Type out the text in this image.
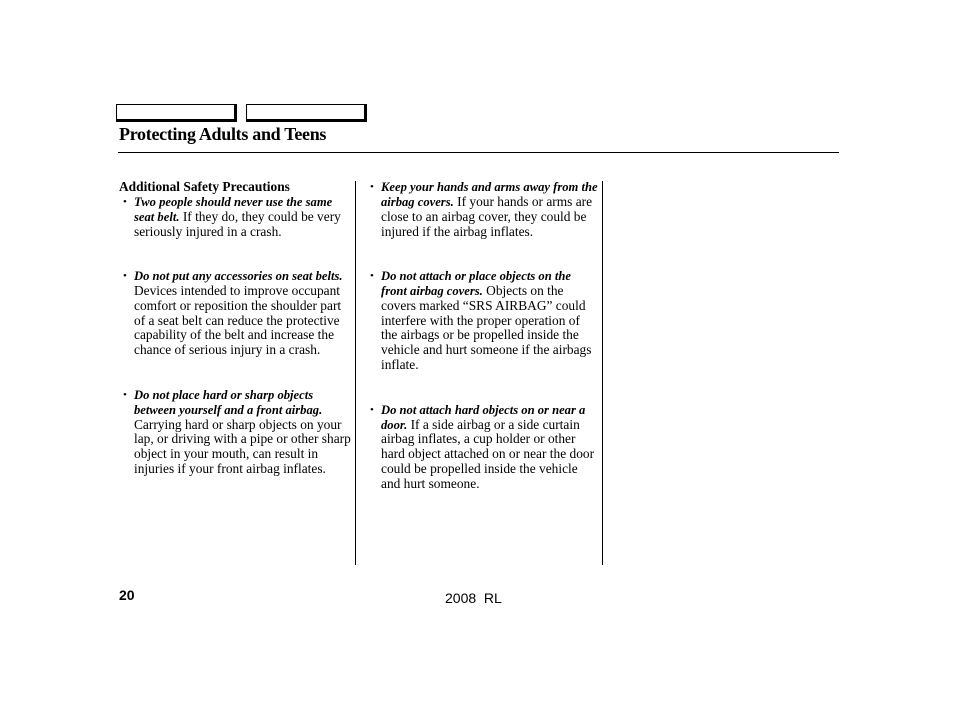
Protecting Adults and Teens

Additional Safety Precautions

• Two people should never use the same seat belt. If they do, they could be very seriously injured in a crash.

• Do not put any accessories on seat belts. Devices intended to improve occupant comfort or reposition the shoulder part of a seat belt can reduce the protective capability of the belt and increase the chance of serious injury in a crash.

• Do not place hard or sharp objects between yourself and a front airbag. Carrying hard or sharp objects on your lap, or driving with a pipe or other sharp object in your mouth, can result in injuries if your front airbag inflates.

• Keep your hands and arms away from the airbag covers. If your hands or arms are close to an airbag cover, they could be injured if the airbag inflates.

• Do not attach or place objects on the front airbag covers. Objects on the covers marked “SRS AIRBAG” could interfere with the proper operation of the airbags or be propelled inside the vehicle and hurt someone if the airbags inflate.

• Do not attach hard objects on or near a door. If a side airbag or a side curtain airbag inflates, a cup holder or other hard object attached on or near the door could be propelled inside the vehicle and hurt someone.

20	2008  RL
